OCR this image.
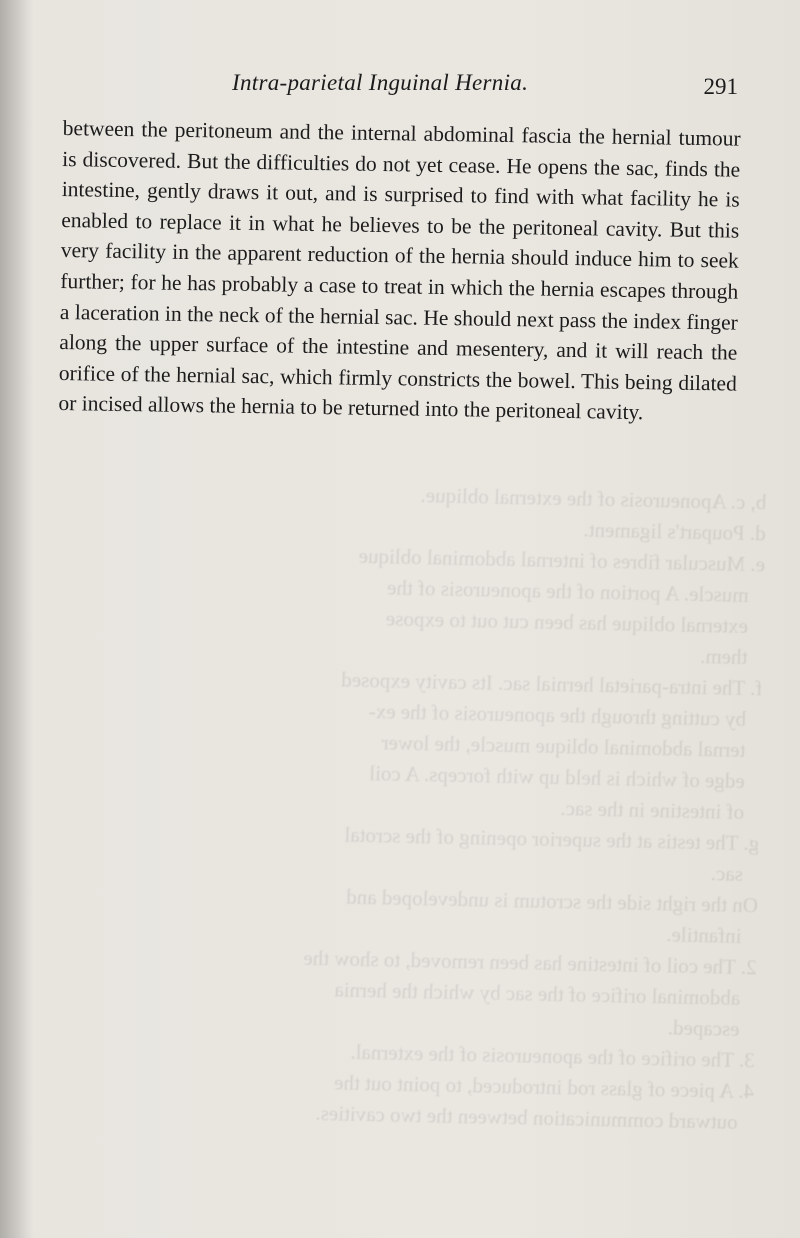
b, c. Aponeurosis of the external oblique.
d. Poupart's ligament.
e. Muscular fibres of internal abdominal oblique
muscle. A portion of the aponeurosis of the
external oblique has been cut out to expose
them.
f. The intra-parietal hernial sac. Its cavity exposed
by cutting through the aponeurosis of the ex-
ternal abdominal oblique muscle, the lower
edge of which is held up with forceps. A coil
of intestine in the sac.
g. The testis at the superior opening of the scrotal
sac.
On the right side the scrotum is undeveloped and
infantile.
2. The coil of intestine has been removed, to show the
abdominal orifice of the sac by which the hernia
escaped.
3. The orifice of the aponeurosis of the external.
4. A piece of glass rod introduced, to point out the
outward communication between the two cavities.
Intra-parietal Inguinal Hernia.	291

between the peritoneum and the internal abdominal fascia the hernial tumour is discovered. But the difficulties do not yet cease. He opens the sac, finds the intestine, gently draws it out, and is surprised to find with what facility he is enabled to replace it in what he believes to be the peritoneal cavity. But this very facility in the apparent reduction of the hernia should induce him to seek further; for he has probably a case to treat in which the hernia escapes through a laceration in the neck of the hernial sac. He should next pass the index finger along the upper surface of the intestine and mesentery, and it will reach the orifice of the hernial sac, which firmly constricts the bowel. This being dilated or incised allows the hernia to be returned into the peritoneal cavity.
